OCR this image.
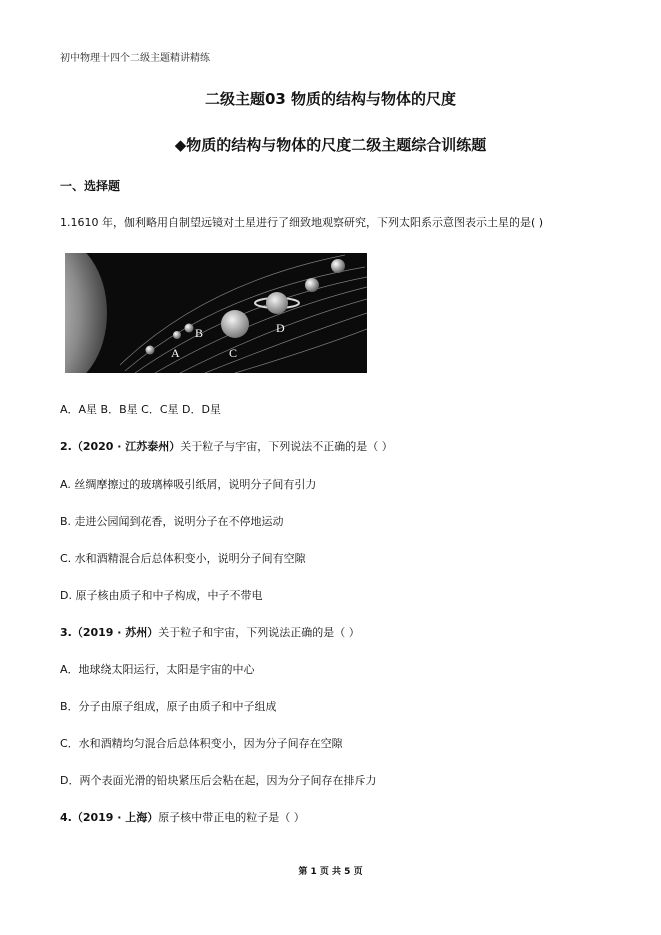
初中物理十四个二级主题精讲精练
二级主题03 物质的结构与物体的尺度
◆物质的结构与物体的尺度二级主题综合训练题
一、选择题
1.1610 年，伽利略用自制望远镜对土星进行了细致地观察研究，下列太阳系示意图表示土星的是( )
A
B
C
D
A．A星 B．B星 C．C星 D．D星
2.（2020 · 江苏泰州）关于粒子与宇宙，下列说法不正确的是（ ）
A. 丝绸摩擦过的玻璃棒吸引纸屑，说明分子间有引力
B. 走进公园闻到花香，说明分子在不停地运动
C. 水和酒精混合后总体积变小，说明分子间有空隙
D. 原子核由质子和中子构成，中子不带电
3.（2019 · 苏州）关于粒子和宇宙，下列说法正确的是（ ）
A．地球绕太阳运行，太阳是宇宙的中心
B．分子由原子组成，原子由质子和中子组成
C．水和酒精均匀混合后总体积变小，因为分子间存在空隙
D．两个表面光滑的铅块紧压后会粘在起，因为分子间存在排斥力
4.（2019 · 上海）原子核中带正电的粒子是（ ）
第 1 页 共 5 页
